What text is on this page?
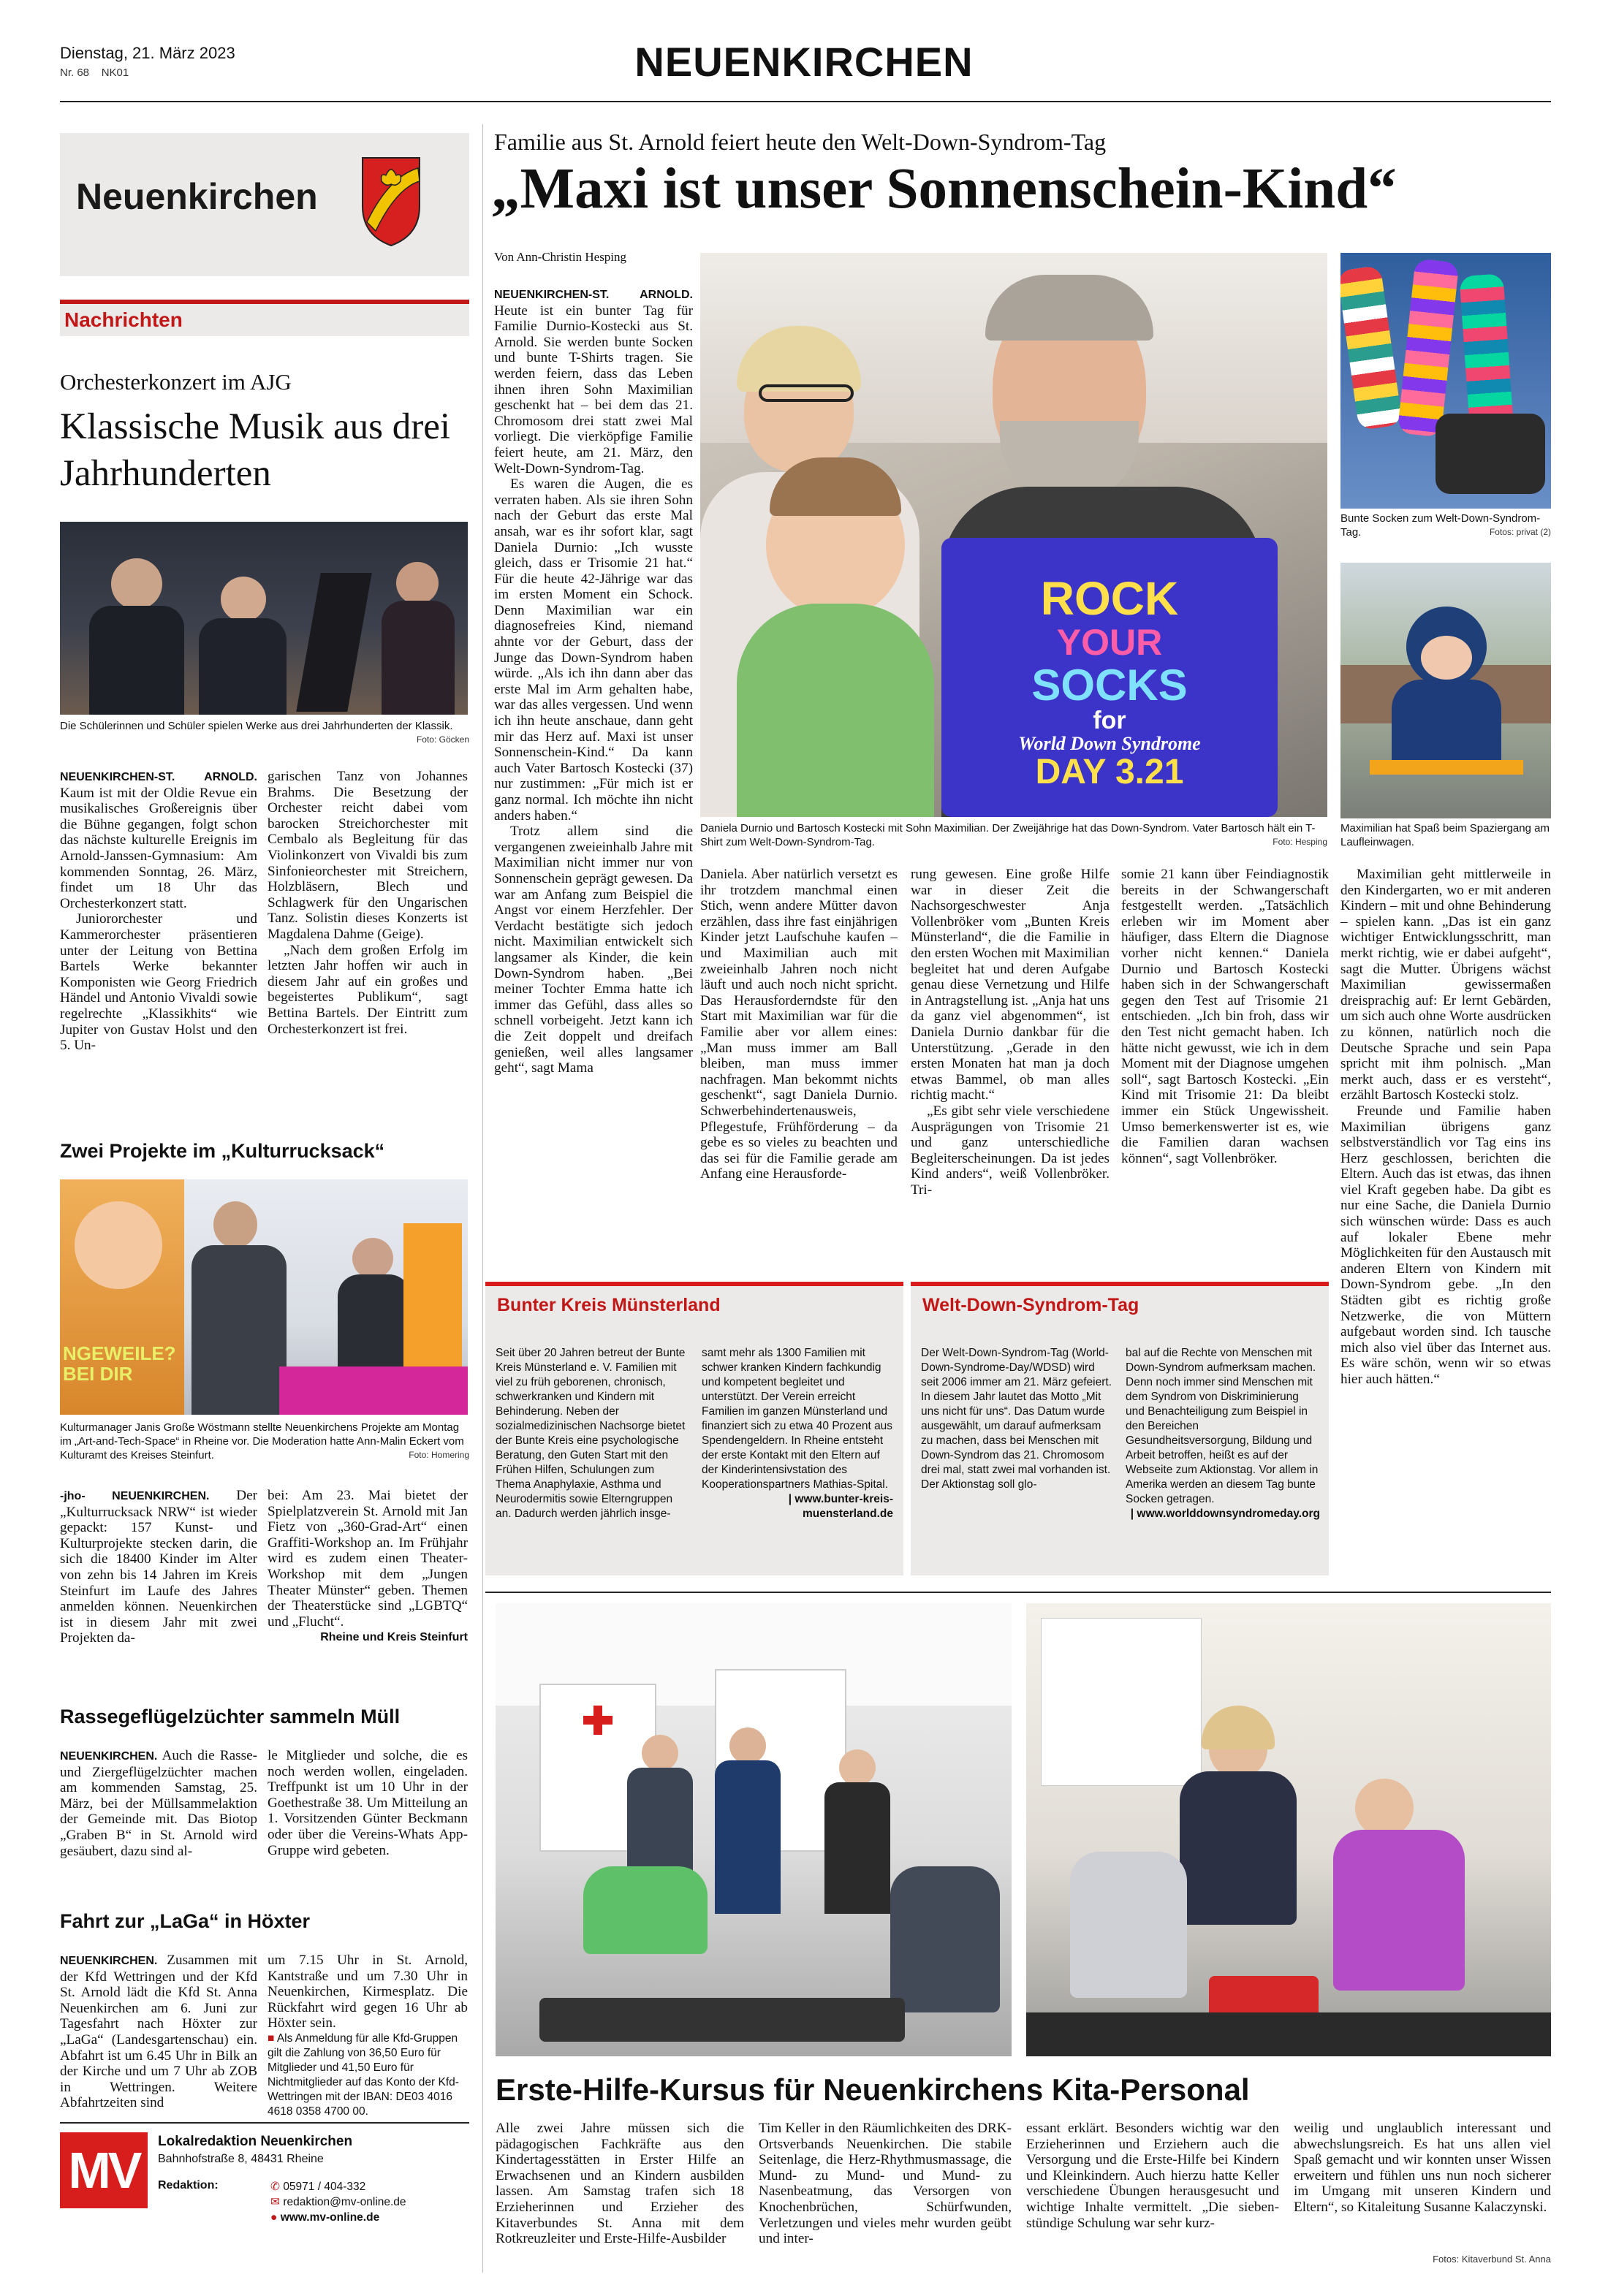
Dienstag, 21. März 2023
Nr. 68 NK01	NEUENKIRCHEN
Neuenkirchen
Nachrichten
Orchesterkonzert im AJG
Klassische Musik aus drei Jahrhunderten
Die Schülerinnen und Schüler spielen Werke aus drei Jahrhunderten der Klassik.
Foto: Göcken

NEUENKIRCHEN-ST. ARNOLD. Kaum ist mit der Oldie Revue ein musikalisches Großereignis über die Bühne gegangen, folgt schon das nächste kulturelle Ereignis im Arnold-Janssen-Gymnasium: Am kommenden Sonntag, 26. März, findet um 18 Uhr das Orchesterkonzert statt.

Juniororchester und Kammerorchester präsentieren unter der Leitung von Bettina Bartels Werke bekannter Komponisten wie Georg Friedrich Händel und Antonio Vivaldi sowie regelrechte „Klassikhits“ wie Jupiter von Gustav Holst und den 5. Un-

garischen Tanz von Johannes Brahms. Die Besetzung der Orchester reicht dabei vom barocken Streichorchester mit Cembalo als Begleitung für das Violinkonzert von Vivaldi bis zum Sinfonieorchester mit Streichern, Holzbläsern, Blech und Schlagwerk für den Ungarischen Tanz. Solistin dieses Konzerts ist Magdalena Dahme (Geige).

„Nach dem großen Erfolg im letzten Jahr hoffen wir auch in diesem Jahr auf ein großes und begeistertes Publikum“, sagt Bettina Bartels. Der Eintritt zum Orchesterkonzert ist frei.

Zwei Projekte im „Kulturrucksack“
NGEWEILE? BEI DIR
Kulturmanager Janis Große Wöstmann stellte Neuenkirchens Projekte am Montag im „Art-and-Tech-Space“ in Rheine vor. Die Moderation hatte Ann-Malin Eckert vom Kulturamt des Kreises Steinfurt.	Foto: Homering

-jho- NEUENKIRCHEN. Der „Kulturrucksack NRW“ ist wieder gepackt: 157 Kunst- und Kulturprojekte stecken darin, die sich die 18400 Kinder im Alter von zehn bis 14 Jahren im Kreis Steinfurt im Laufe des Jahres anmelden können. Neuenkirchen ist in diesem Jahr mit zwei Projekten da-

bei: Am 23. Mai bietet der Spielplatzverein St. Arnold mit Jan Fietz von „360-Grad-Art“ einen Graffiti-Workshop an. Im Frühjahr wird es zudem einen Theater-Workshop mit dem „Jungen Theater Münster“ geben. Themen der Theaterstücke sind „LGBTQ“ und „Flucht“.

Rheine und Kreis Steinfurt

Rassegeflügelzüchter sammeln Müll

NEUENKIRCHEN. Auch die Rasse- und Ziergeflügelzüchter machen am kommenden Samstag, 25. März, bei der Müllsammelaktion der Gemeinde mit. Das Biotop „Graben B“ in St. Arnold wird gesäubert, dazu sind al-

le Mitglieder und solche, die es noch werden wollen, eingeladen. Treffpunkt ist um 10 Uhr in der Goethestraße 38. Um Mitteilung an 1. Vorsitzenden Günter Beckmann oder über die Vereins-Whats App-Gruppe wird gebeten.

Fahrt zur „LaGa“ in Höxter

NEUENKIRCHEN. Zusammen mit der Kfd Wettringen und der Kfd St. Arnold lädt die Kfd St. Anna Neuenkirchen am 6. Juni zur Tagesfahrt nach Höxter zur „LaGa“ (Landesgartenschau) ein. Abfahrt ist um 6.45 Uhr in Bilk an der Kirche und um 7 Uhr ab ZOB in Wettringen. Weitere Abfahrtzeiten sind

um 7.15 Uhr in St. Arnold, Kantstraße und um 7.30 Uhr in Neuenkirchen, Kirmesplatz. Die Rückfahrt wird gegen 16 Uhr ab Höxter sein.

■ Als Anmeldung für alle Kfd-Gruppen gilt die Zahlung von 36,50 Euro für Mitglieder und 41,50 Euro für Nichtmitglieder auf das Konto der Kfd-Wettringen mit der IBAN: DE03 4016 4618 0358 4700 00.

MV
Lokalredaktion Neuenkirchen
Bahnhofstraße 8, 48431 Rheine
Redaktion:	✆ 05971 / 404-332
✉ redaktion@mv-online.de
● www.mv-online.de
Familie aus St. Arnold feiert heute den Welt-Down-Syndrom-Tag
„Maxi ist unser Sonnenschein-Kind“
Von Ann-Christin Hesping

NEUENKIRCHEN-ST. ARNOLD. Heute ist ein bunter Tag für Familie Durnio-Kostecki aus St. Arnold. Sie werden bunte Socken und bunte T-Shirts tragen. Sie werden feiern, dass das Leben ihnen ihren Sohn Maximilian geschenkt hat – bei dem das 21. Chromosom drei statt zwei Mal vorliegt. Die vierköpfige Familie feiert heute, am 21. März, den Welt-Down-Syndrom-Tag.

Es waren die Augen, die es verraten haben. Als sie ihren Sohn nach der Geburt das erste Mal ansah, war es ihr sofort klar, sagt Daniela Durnio: „Ich wusste gleich, dass er Trisomie 21 hat.“ Für die heute 42-Jährige war das im ersten Moment ein Schock. Denn Maximilian war ein diagnosefreies Kind, niemand ahnte vor der Geburt, dass der Junge das Down-Syndrom haben würde. „Als ich ihn dann aber das erste Mal im Arm gehalten habe, war das alles vergessen. Und wenn ich ihn heute anschaue, dann geht mir das Herz auf. Maxi ist unser Sonnenschein-Kind.“ Da kann auch Vater Bartosch Kostecki (37) nur zustimmen: „Für mich ist er ganz normal. Ich möchte ihn nicht anders haben.“

Trotz allem sind die vergangenen zweieinhalb Jahre mit Maximilian nicht immer nur von Sonnenschein geprägt gewesen. Da war am Anfang zum Beispiel die Angst vor einem Herzfehler. Der Verdacht bestätigte sich jedoch nicht. Maximilian entwickelt sich langsamer als Kinder, die kein Down-Syndrom haben. „Bei meiner Tochter Emma hatte ich immer das Gefühl, dass alles so schnell vorbeigeht. Jetzt kann ich die Zeit doppelt und dreifach genießen, weil alles langsamer geht“, sagt Mama

ROCK
YOUR
SOCKS
for
World Down Syndrome
DAY 3.21
Daniela Durnio und Bartosch Kostecki mit Sohn Maximilian. Der Zweijährige hat das Down-Syndrom. Vater Bartosch hält ein T-Shirt zum Welt-Down-Syndrom-Tag.	Foto: Hesping
Bunte Socken zum Welt-Down-Syndrom-Tag.	Fotos: privat (2)
Maximilian hat Spaß beim Spaziergang am Laufleinwagen.

Daniela. Aber natürlich versetzt es ihr trotzdem manchmal einen Stich, wenn andere Mütter davon erzählen, dass ihre fast einjährigen Kinder jetzt Laufschuhe kaufen – und Maximilian auch mit zweieinhalb Jahren noch nicht läuft und auch noch nicht spricht. Das Herausforderndste für den Start mit Maximilian war für die Familie aber vor allem eines: „Man muss immer am Ball bleiben, man muss immer nachfragen. Man bekommt nichts geschenkt“, sagt Daniela Durnio. Schwerbehindertenausweis, Pflegestufe, Frühförderung – da gebe es so vieles zu beachten und das sei für die Familie gerade am Anfang eine Herausforde-

rung gewesen. Eine große Hilfe war in dieser Zeit die Nachsorgeschwester Anja Vollenbröker vom „Bunten Kreis Münsterland“, die die Familie in den ersten Wochen mit Maximilian begleitet hat und deren Aufgabe genau diese Vernetzung und Hilfe in Antragstellung ist. „Anja hat uns da ganz viel abgenommen“, ist Daniela Durnio dankbar für die Unterstützung. „Gerade in den ersten Monaten hat man ja doch etwas Bammel, ob man alles richtig macht.“

„Es gibt sehr viele verschiedene Ausprägungen von Trisomie 21 und ganz unterschiedliche Begleiterscheinungen. Da ist jedes Kind anders“, weiß Vollenbröker. Tri-

somie 21 kann über Feindiagnostik bereits in der Schwangerschaft festgestellt werden. „Tatsächlich erleben wir im Moment aber häufiger, dass Eltern die Diagnose vorher nicht kennen.“ Daniela Durnio und Bartosch Kostecki haben sich in der Schwangerschaft gegen den Test auf Trisomie 21 entschieden. „Ich bin froh, dass wir den Test nicht gemacht haben. Ich hätte nicht gewusst, wie ich in dem Moment mit der Diagnose umgehen soll“, sagt Bartosch Kostecki. „Ein Kind mit Trisomie 21: Da bleibt immer ein Stück Ungewissheit. Umso bemerkenswerter ist es, wie die Familien daran wachsen können“, sagt Vollenbröker.

Maximilian geht mittlerweile in den Kindergarten, wo er mit anderen Kindern – mit und ohne Behinderung – spielen kann. „Das ist ein ganz wichtiger Entwicklungsschritt, man merkt richtig, wie er dabei aufgeht“, sagt die Mutter. Übrigens wächst Maximilian gewissermaßen dreisprachig auf: Er lernt Gebärden, um sich auch ohne Worte ausdrücken zu können, natürlich noch die Deutsche Sprache und sein Papa spricht mit ihm polnisch. „Man merkt auch, dass er es versteht“, erzählt Bartosch Kostecki stolz.

Freunde und Familie haben Maximilian übrigens ganz selbstverständlich vor Tag eins ins Herz geschlossen, berichten die Eltern. Auch das ist etwas, das ihnen viel Kraft gegeben habe. Da gibt es nur eine Sache, die Daniela Durnio sich wünschen würde: Dass es auch auf lokaler Ebene mehr Möglichkeiten für den Austausch mit anderen Eltern von Kindern mit Down-Syndrom gebe. „In den Städten gibt es richtig große Netzwerke, die von Müttern aufgebaut worden sind. Ich tausche mich also viel über das Internet aus. Es wäre schön, wenn wir so etwas hier auch hätten.“

Bunter Kreis Münsterland
Seit über 20 Jahren betreut der Bunte Kreis Münsterland e. V. Familien mit viel zu früh geborenen, chronisch, schwerkranken und Kindern mit Behinderung. Neben der sozialmedizinischen Nachsorge bietet der Bunte Kreis eine psychologische Beratung, den Guten Start mit den Frühen Hilfen, Schulungen zum Thema Anaphylaxie, Asthma und Neurodermitis sowie Elterngruppen an. Dadurch werden jährlich insge-
samt mehr als 1300 Familien mit schwer kranken Kindern fachkundig und kompetent begleitet und unterstützt. Der Verein erreicht Familien im ganzen Münsterland und finanziert sich zu etwa 40 Prozent aus Spendengeldern. In Rheine entsteht der erste Kontakt mit den Eltern auf der Kinderintensivstation des Kooperationspartners Mathias-Spital.
| www.bunter-kreis-muensterland.de
Welt-Down-Syndrom-Tag
Der Welt-Down-Syndrom-Tag (World-Down-Syndrome-Day/WDSD) wird seit 2006 immer am 21. März gefeiert. In diesem Jahr lautet das Motto „Mit uns nicht für uns“. Das Datum wurde ausgewählt, um darauf aufmerksam zu machen, dass bei Menschen mit Down-Syndrom das 21. Chromosom drei mal, statt zwei mal vorhanden ist. Der Aktionstag soll glo-
bal auf die Rechte von Menschen mit Down-Syndrom aufmerksam machen. Denn noch immer sind Menschen mit dem Syndrom von Diskriminierung und Benachteiligung zum Beispiel in den Bereichen Gesundheitsversorgung, Bildung und Arbeit betroffen, heißt es auf der Webseite zum Aktionstag. Vor allem in Amerika werden an diesem Tag bunte Socken getragen.
| www.worlddownsyndromeday.org
Erste-Hilfe-Kursus für Neuenkirchens Kita-Personal

Alle zwei Jahre müssen sich die pädagogischen Fachkräfte aus den Kindertagesstätten in Erster Hilfe an Erwachsenen und an Kindern ausbilden lassen. Am Samstag trafen sich 18 Erzieherinnen und Erzieher des Kitaverbundes St. Anna mit dem Rotkreuzleiter und Erste-Hilfe-Ausbilder

Tim Keller in den Räumlichkeiten des DRK-Ortsverbands Neuenkirchen. Die stabile Seitenlage, die Herz-Rhythmusmassage, die Mund- zu Mund- und Mund- zu Nasenbeatmung, das Versorgen von Knochenbrüchen, Schürfwunden, Verletzungen und vieles mehr wurden geübt und inter-

essant erklärt. Besonders wichtig war den Erzieherinnen und Erziehern auch die Versorgung und die Erste-Hilfe bei Kindern und Kleinkindern. Auch hierzu hatte Keller verschiedene Übungen herausgesucht und wichtige Inhalte vermittelt. „Die siebenstündige Schulung war sehr kurz-

weilig und unglaublich interessant und abwechslungsreich. Es hat uns allen viel Spaß gemacht und wir konnten unser Wissen erweitern und fühlen uns nun noch sicherer im Umgang mit unseren Kindern und Eltern“, so Kitaleitung Susanne Kalaczynski.

Fotos: Kitaverbund St. Anna
